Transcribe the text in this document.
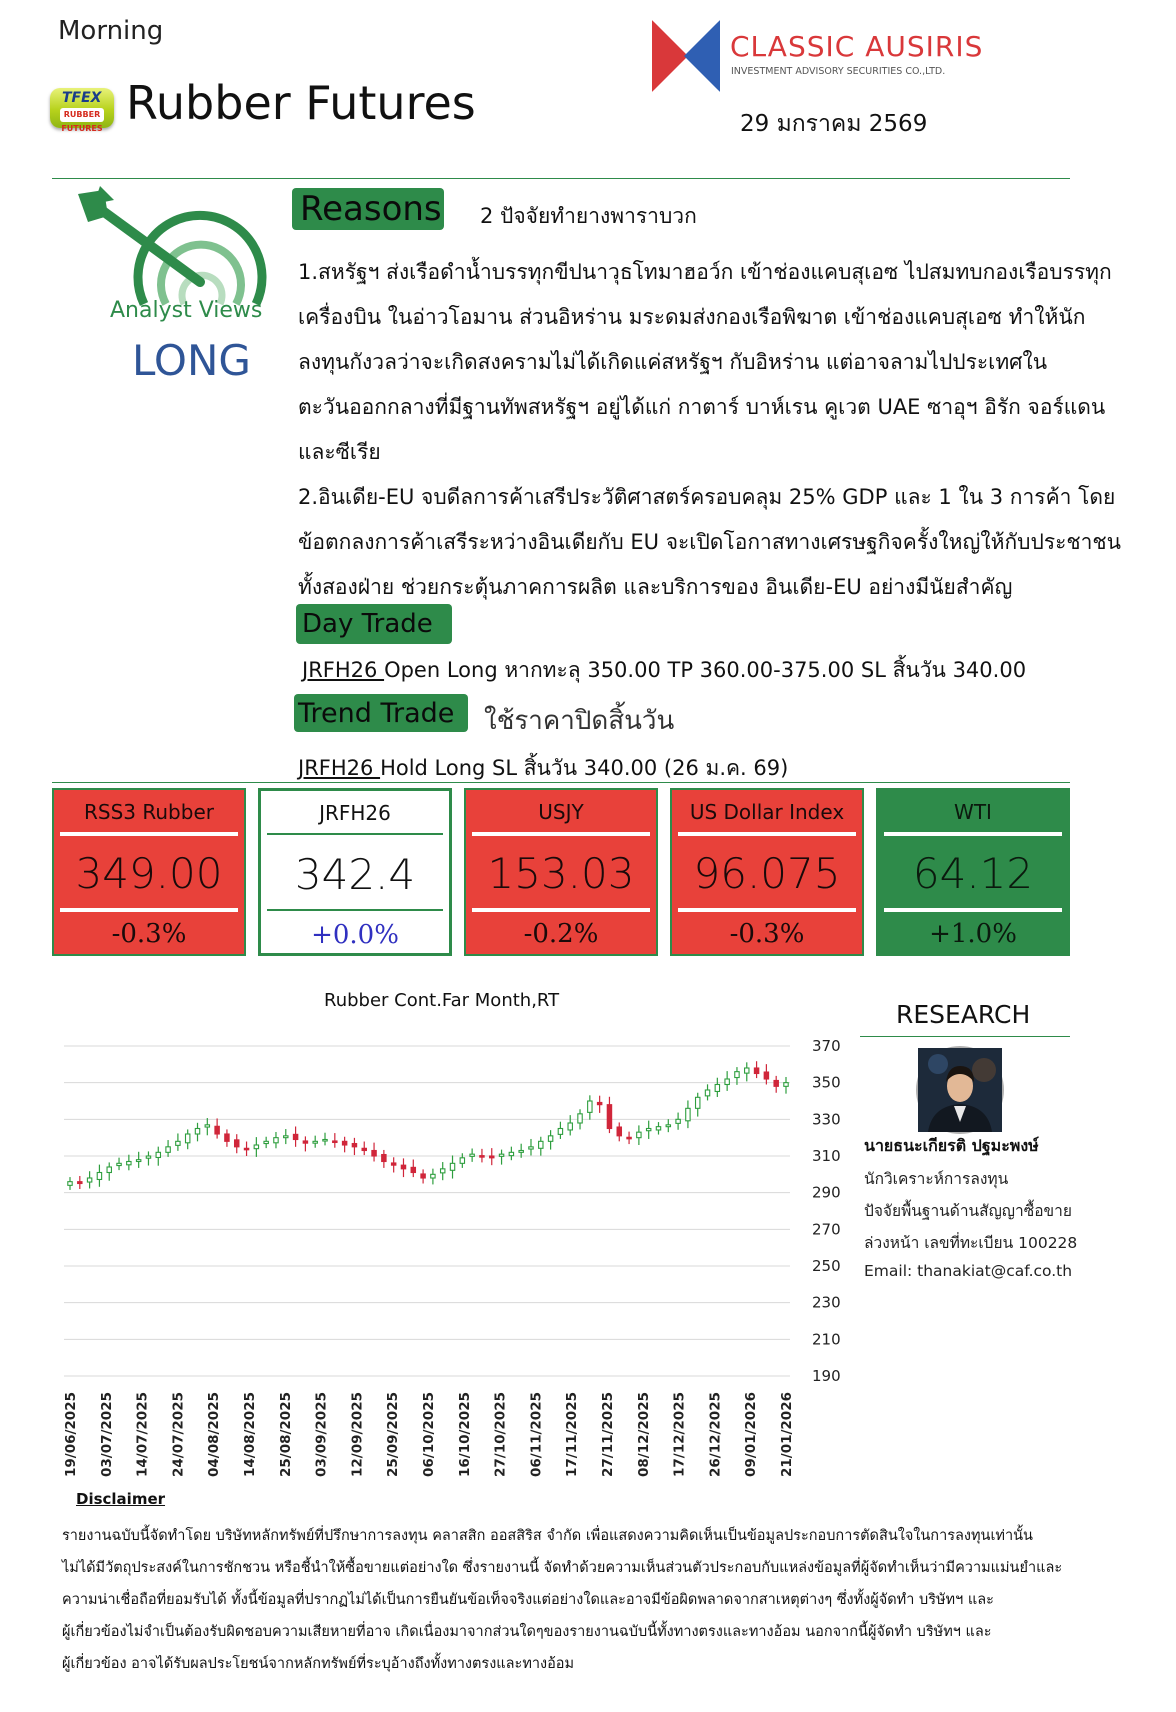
Morning
TFEX
RUBBER FUTURES Rubber Futures
CLASSIC AUSIRIS
INVESTMENT ADVISORY SECURITIES CO.,LTD.
29 มกราคม 2569
Analyst Views
LONG
Reasons 2 ปัจจัยทำยางพาราบวก
1.สหรัฐฯ ส่งเรือดำน้ำบรรทุกขีปนาวุธโทมาฮอว์ก เข้าช่องแคบสุเอซ ไปสมทบกองเรือบรรทุก
เครื่องบิน ในอ่าวโอมาน ส่วนอิหร่าน มระดมส่งกองเรือพิฆาต เข้าช่องแคบสุเอซ ทำให้นัก
ลงทุนกังวลว่าจะเกิดสงครามไม่ได้เกิดแค่สหรัฐฯ กับอิหร่าน แต่อาจลามไปประเทศใน
ตะวันออกกลางที่มีฐานทัพสหรัฐฯ อยู่ได้แก่ กาตาร์ บาห์เรน คูเวต UAE ซาอุฯ อิรัก จอร์แดน
และซีเรีย
2.อินเดีย-EU จบดีลการค้าเสรีประวัติศาสตร์ครอบคลุม 25% GDP และ 1 ใน 3 การค้า โดย
ข้อตกลงการค้าเสรีระหว่างอินเดียกับ EU จะเปิดโอกาสทางเศรษฐกิจครั้งใหญ่ให้กับประชาชน
ทั้งสองฝ่าย ช่วยกระตุ้นภาคการผลิต และบริการของ อินเดีย-EU อย่างมีนัยสำคัญ
Day Trade
JRFH26 Open Long หากทะลุ 350.00 TP 360.00-375.00 SL สิ้นวัน 340.00
Trend Trade	ใช้ราคาปิดสิ้นวัน
JRFH26 Hold Long SL สิ้นวัน 340.00 (26 ม.ค. 69)
RSS3 Rubber
349.00
-0.3%
JRFH26
342.4
+0.0%
USJY
153.03
-0.2%
US Dollar Index
96.075
-0.3%
WTI
64.12
+1.0%
Rubber Cont.Far Month,RT
370
350
330
310
290
270
250
230
210
190
19/06/2025 03/07/2025 14/07/2025 24/07/2025 04/08/2025 14/08/2025 25/08/2025 03/09/2025 12/09/2025 25/09/2025 06/10/2025 16/10/2025 27/10/2025 06/11/2025 17/11/2025 27/11/2025 08/12/2025 17/12/2025 26/12/2025 09/01/2026 21/01/2026
RESEARCH
นายธนะเกียรติ ปฐมะพงษ์
นักวิเคราะห์การลงทุน
ปัจจัยพื้นฐานด้านสัญญาซื้อขาย
ล่วงหน้า เลขที่ทะเบียน 100228
Email: thanakiat@caf.co.th
Disclaimer
รายงานฉบับนี้จัดทำโดย บริษัทหลักทรัพย์ที่ปรึกษาการลงทุน คลาสสิก ออสสิริส จำกัด เพื่อแสดงความคิดเห็นเป็นข้อมูลประกอบการตัดสินใจในการลงทุนเท่านั้น
ไม่ได้มีวัตถุประสงค์ในการชักชวน หรือชี้นำให้ซื้อขายแต่อย่างใด ซึ่งรายงานนี้ จัดทำด้วยความเห็นส่วนตัวประกอบกับแหล่งข้อมูลที่ผู้จัดทำเห็นว่ามีความแม่นยำและ
ความน่าเชื่อถือที่ยอมรับได้ ทั้งนี้ข้อมูลที่ปรากฏไม่ได้เป็นการยืนยันข้อเท็จจริงแต่อย่างใดและอาจมีข้อผิดพลาดจากสาเหตุต่างๆ ซึ่งทั้งผู้จัดทำ บริษัทฯ และ
ผู้เกี่ยวข้องไม่จำเป็นต้องรับผิดชอบความเสียหายที่อาจ เกิดเนื่องมาจากส่วนใดๆของรายงานฉบับนี้ทั้งทางตรงและทางอ้อม นอกจากนี้ผู้จัดทำ บริษัทฯ และ
ผู้เกี่ยวข้อง อาจได้รับผลประโยชน์จากหลักทรัพย์ที่ระบุอ้างถึงทั้งทางตรงและทางอ้อม
